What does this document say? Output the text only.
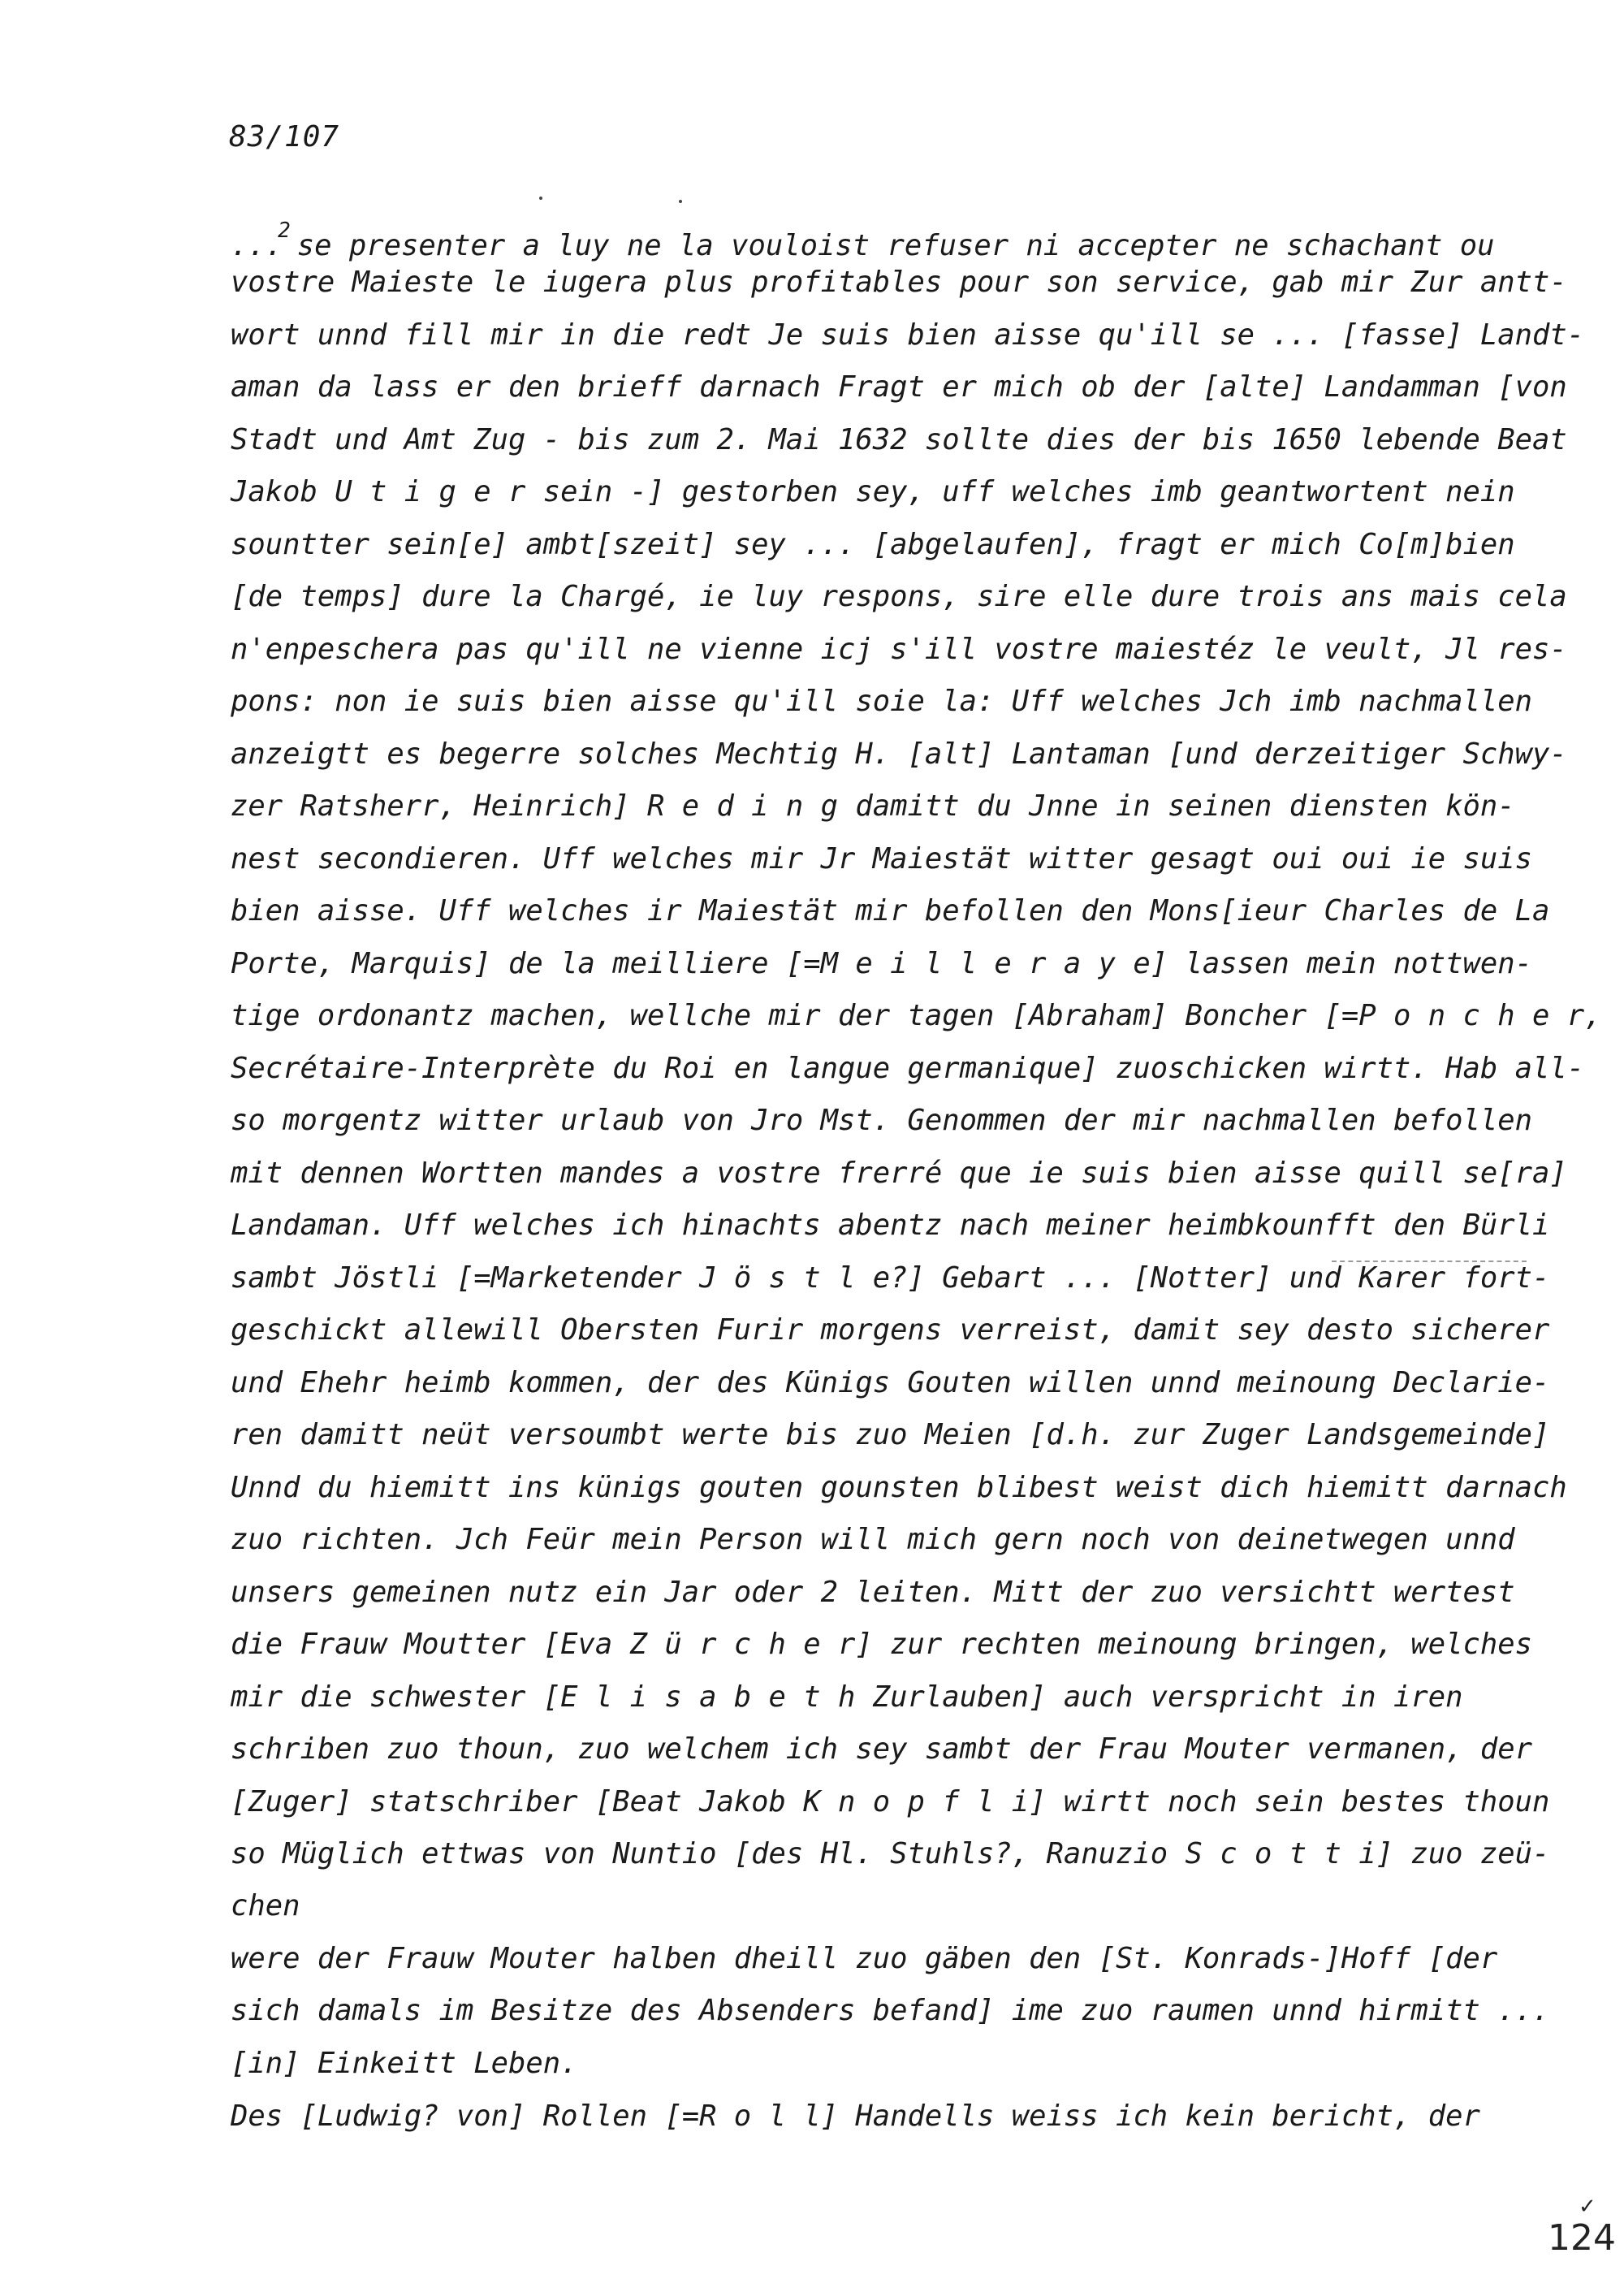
83/107
...$^2$ se presenter a luy ne la vouloist refuser ni accepter ne schachant ou
vostre Maieste le iugera plus profitables pour son service, gab mir Zur antt-
wort unnd fill mir in die redt Je suis bien aisse qu'ill se ... [fasse] Landt-
aman da lass er den brieff darnach Fragt er mich ob der [alte] Landamman [von
Stadt und Amt Zug - bis zum 2. Mai 1632 sollte dies der bis 1650 lebende Beat
Jakob U t i g e r sein -] gestorben sey, uff welches imb geantwortent nein
sountter sein[e] ambt[szeit] sey ... [abgelaufen], fragt er mich Co[m]bien
[de temps] dure la Chargé, ie luy respons, sire elle dure trois ans mais cela
n'enpeschera pas qu'ill ne vienne icj s'ill vostre maiestéz le veult, Jl res-
pons: non ie suis bien aisse qu'ill soie la: Uff welches Jch imb nachmallen
anzeigtt es begerre solches Mechtig H. [alt] Lantaman [und derzeitiger Schwy-
zer Ratsherr, Heinrich] R e d i n g damitt du Jnne in seinen diensten kön-
nest secondieren. Uff welches mir Jr Maiestät witter gesagt oui oui ie suis
bien aisse. Uff welches ir Maiestät mir befollen den Mons[ieur Charles de La
Porte, Marquis] de la meilliere [=M e i l l e r a y e] lassen mein nottwen-
tige ordonantz machen, wellche mir der tagen [Abraham] Boncher [=P o n c h e r,
Secrétaire-Interprète du Roi en langue germanique] zuoschicken wirtt. Hab all-
so morgentz witter urlaub von Jro Mst. Genommen der mir nachmallen befollen
mit dennen Wortten mandes a vostre frerré que ie suis bien aisse quill se[ra]
Landaman. Uff welches ich hinachts abentz nach meiner heimbkounfft den Bürli
sambt Jöstli [=Marketender J ö s t l e?] Gebart ... [Notter] und Karer fort-
geschickt allewill Obersten Furir morgens verreist, damit sey desto sicherer
und Ehehr heimb kommen, der des Künigs Gouten willen unnd meinoung Declarie-
ren damitt neüt versoumbt werte bis zuo Meien [d.h. zur Zuger Landsgemeinde]
Unnd du hiemitt ins künigs gouten gounsten blibest weist dich hiemitt darnach
zuo richten. Jch Feür mein Person will mich gern noch von deinetwegen unnd
unsers gemeinen nutz ein Jar oder 2 leiten. Mitt der zuo versichtt wertest
die Frauw Moutter [Eva Z ü r c h e r] zur rechten meinoung bringen, welches
mir die schwester [E l i s a b e t h Zurlauben] auch verspricht in iren
schriben zuo thoun, zuo welchem ich sey sambt der Frau Mouter vermanen, der
[Zuger] statschriber [Beat Jakob K n o p f l i] wirtt noch sein bestes thoun
so Müglich ettwas von Nuntio [des Hl. Stuhls?, Ranuzio S c o t t i] zuo zeü-
chen
were der Frauw Mouter halben dheill zuo gäben den [St. Konrads-]Hoff [der
sich damals im Besitze des Absenders befand] ime zuo raumen unnd hirmitt ...
[in] Einkeitt Leben.
Des [Ludwig? von] Rollen [=R o l l] Handells weiss ich kein bericht, der
✓
124
